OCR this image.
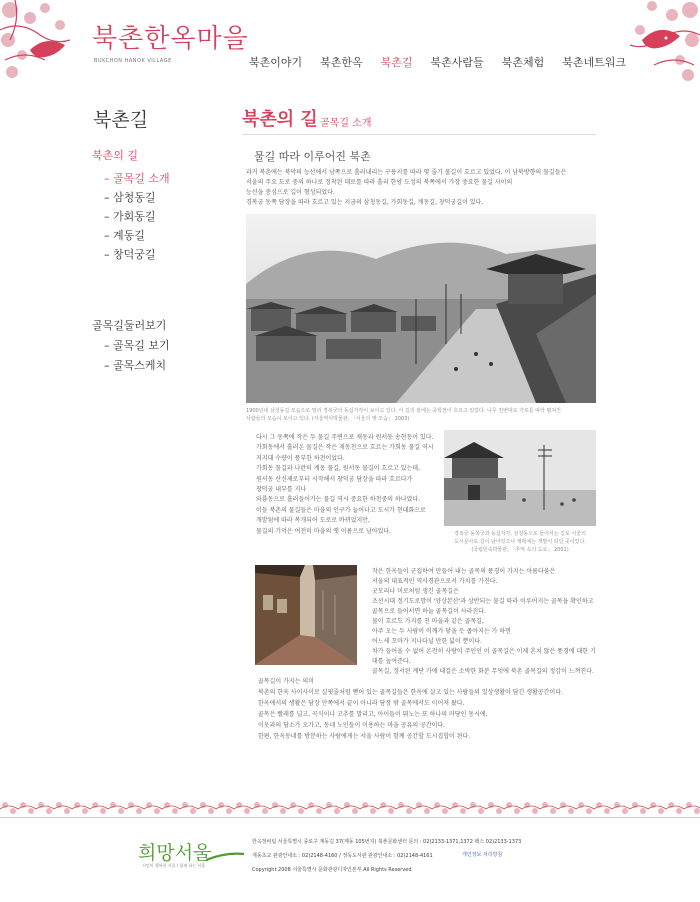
북촌한옥마을
BUKCHON HANOK VILLAGE	북촌이야기	북촌한옥	북촌길	북촌사람들	북촌체험	북촌네트워크
북촌길
북촌의 길
– 골목길 소개
– 삼청동길
– 가회동길
– 계동길
– 창덕궁길
골목길둘러보기
– 골목길 보기
– 골목스케치
북촌의 길 골목길 소개
물길 따라 이루어진 북촌
과거 북촌에는 북악의 능선에서 남쪽으로 흘러내리는 구릉지를 따라 몇 줄기 물길이 흐르고 있었다. 이 남북방향의 물길들은
서울의 주요 도로 중의 하나로 정착된 대로를 따라 흘러 한양 도성의 북쪽에서 가장 중요한 물길 사이의
능선을 중심으로 길이 형성되었다.
경복궁 동쪽 담장을 따라 흐르고 있는 지금의 삼청동길, 가회동길, 계동길, 창덕궁길이 있다.
1900년대 삼청동길 모습으로 멀리 경복궁의 동십자각이 보이고 있다. 이 길의 끝에는 중학천이 흐르고 있었다. 나무 천변대로 가로를 따라 펼쳐진
사람들의 모습이 보이고 있다. (서울역사박물관, 「서울의 옛 모습」 2003)
다시 그 동쪽에 작은 두 물길 주변으로 재동과 원서동 송현동이 있다.
가회동에서 흘러온 물길은 작은 재동천으로 흐르는 가회동 물길 역시
저지대 수량이 풍부한 하천이었다.
가회동 물길과 나란히 계동 물길, 원서동 물길이 흐르고 있는데,
원서동 산신제로부터 시작해서 창덕궁 담장을 따라 흐르다가
창덕궁 내부를 지나
와룡동으로 흘러들어가는 물길 역시 중요한 하천중의 하나였다.
이들 북촌의 물길들은 마을의 인구가 늘어나고 도시가 현대화으로
개발됨에 따라 복개되어 도로로 바뀌었지만,
물길의 기억은 여전히 마을의 옛 이름으로 남아있다.	경복궁 동쪽궁과 동십자각, 삼청동으로 들어서는 길로 서울의
도시문사로 길이 남아있으나 계획에는 개발이 되던 곳이었다.
(국립민속박물관, 「추억 속의 도로」 2001)
작은 한옥들이 군집하여 만들어 내는 골목의 풍경이 가지는 아름다움은
서울의 대표적인 역사경관으로서 가치를 가진다.
굿모리나 미로처럼 생긴 골목길은
조선시대 정기도로망이 '양상본산'과 상반되는 물길 따라 이루어지는 골목을 확인하고
골목으로 들어서면 하늘 골목길이 사라진다.
물이 흐르도 가지를 친 마을과 같은 골목길,
아주 오는 두 사람이 어깨가 닿을 듯 좁아지는 가 하면
어느새 꼬마가 지나다닐 만한 넓이 뿐이다.
차가 들어올 수 없어 온전히 사람이 주인인 이 골목길은 이제 흔치 않은 풍경에 대한 기대를 높여준다.
골목길, 정서된 계단 가에 내걸은 소박한 화분 무엇에 북촌 골목길의 정감이 느껴진다.
골목길이 가지는 의미
북촌의 한옥 사이사이로 실핏줄처럼 뻗어 있는 골목길들은 한옥에 살고 있는 사람들의 일상생활이 담긴 생활공간이다.
한옥에서의 생활은 담장 안쪽에서 끝이 아니라 담장 밖 골목에서도 이어져 왔다.
골목은 빨래를 널고, 곡식이나 고추를 말리고, 아이들이 뛰노는 또 하나의 마당인 동시에,
이웃과의 담소가 오가고, 동네 노인들이 이용하는 마을 공유의 공간이다.
한편, 한옥동네를 방문하는 사람에게는 서울 사람이 함께 공간할 도시집합이 된다.
희망서울
시민이 행복한 서울 / 함께 하는 서울
한옥정비팀 서울특별시 종로구 계동길 37(계동 105번지) 북촌문화센터 문의 : 02)2133-1371,1372 팩스 02)2133-1373
재동초교 관광안내소 : 02)2148-4160 / 정독도서관 관광안내소 : 02)2148-4161	개인정보 처리방침
Copyright 2008 서울특별시 문화관광디자인본부 All Rights Reserved
